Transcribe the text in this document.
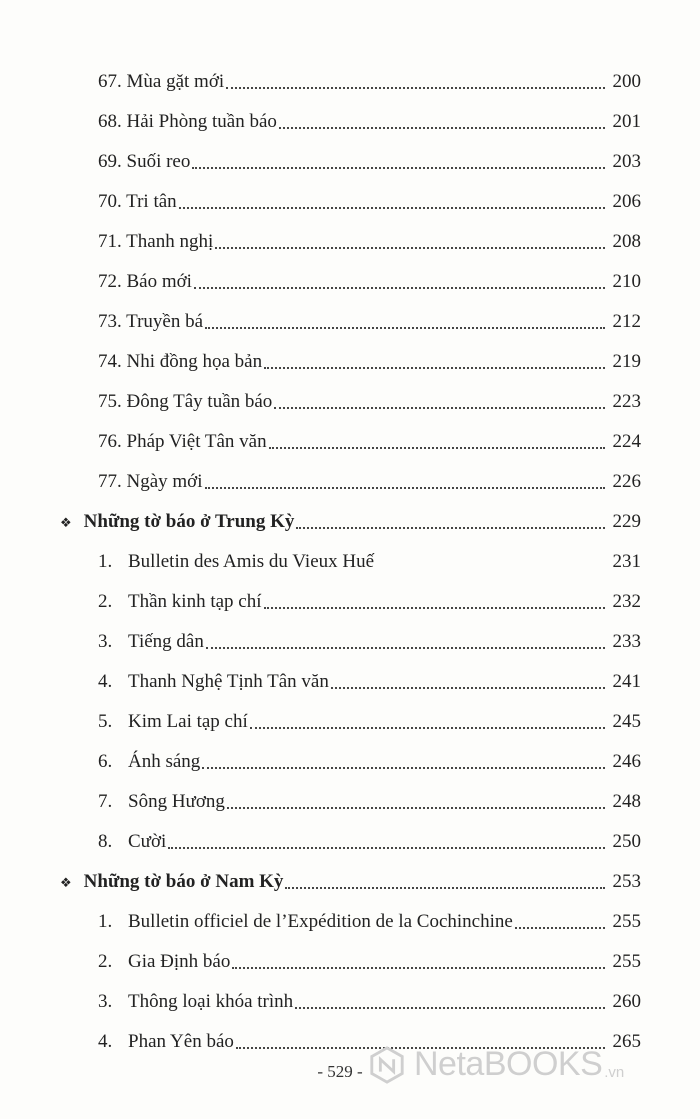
67. Mùa gặt mới	200
68. Hải Phòng tuần báo	201
69. Suối reo	203
70. Tri tân	206
71. Thanh nghị	208
72. Báo mới	210
73. Truyền bá	212
74. Nhi đồng họa bản	219
75. Đông Tây tuần báo	223
76. Pháp Việt Tân văn	224
77. Ngày mới	226
❖ Những tờ báo ở Trung Kỳ	229
1. Bulletin des Amis du Vieux Huế	231
2. Thần kinh tạp chí	232
3. Tiếng dân	233
4. Thanh Nghệ Tịnh Tân văn	241
5. Kim Lai tạp chí	245
6. Ánh sáng	246
7. Sông Hương	248
8. Cười	250
❖ Những tờ báo ở Nam Kỳ	253
1. Bulletin officiel de l’Expédition de la Cochinchine	255
2. Gia Định báo	255
3. Thông loại khóa trình	260
4. Phan Yên báo	265
- 529 -	NetaBOOKS .vn
